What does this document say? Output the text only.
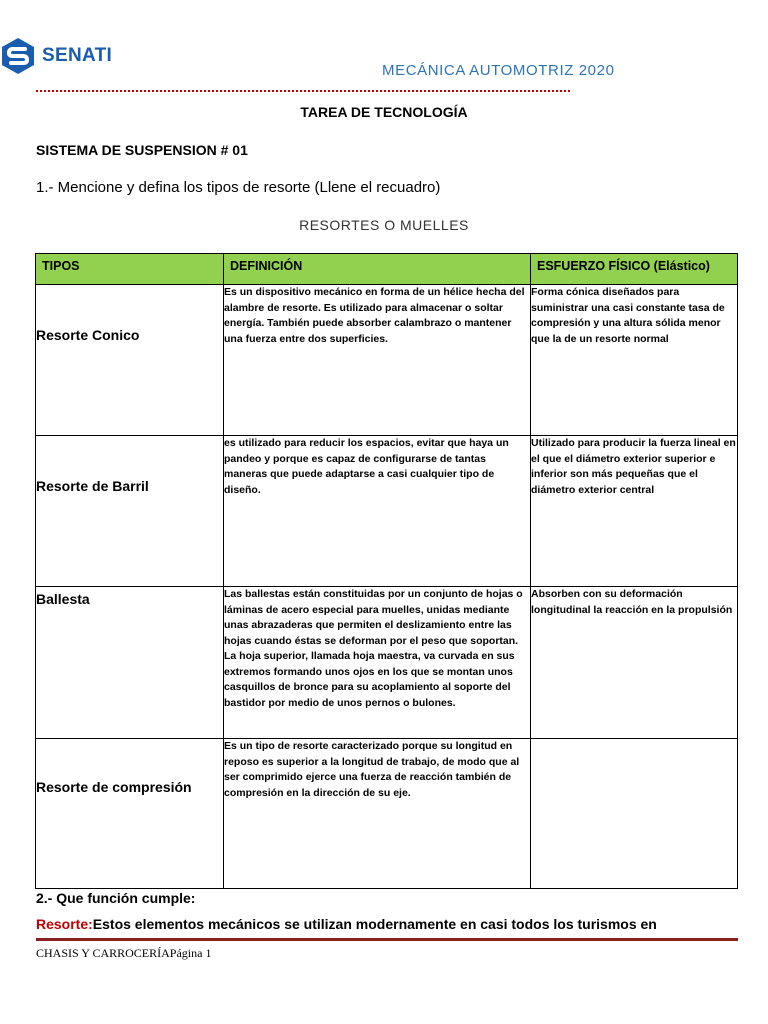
SENATI
MECÁNICA AUTOMOTRIZ 2020
TAREA DE TECNOLOGÍA
SISTEMA DE SUSPENSION # 01
1.- Mencione y defina los tipos de resorte (Llene el recuadro)
RESORTES O MUELLES
TIPOS	DEFINICIÓN	ESFUERZO FÍSICO (Elástico)

Resorte Conico	Es un dispositivo mecánico en forma de un hélice hecha del alambre de resorte. Es utilizado para almacenar o soltar energía. También puede absorber calambrazo o mantener una fuerza entre dos superficies.	Forma cónica diseñados para suministrar una casi constante tasa de compresión y una altura sólida menor que la de un resorte normal

Resorte de Barril	es utilizado para reducir los espacios, evitar que haya un pandeo y porque es capaz de configurarse de tantas maneras que puede adaptarse a casi cualquier tipo de diseño.	Utilizado para producir la fuerza lineal en el que el diámetro exterior superior e inferior son más pequeñas que el diámetro exterior central

Ballesta	Las ballestas están constituidas por un conjunto de hojas o láminas de acero especial para muelles, unidas mediante unas abrazaderas que permiten el deslizamiento entre las hojas cuando éstas se deforman por el peso que soportan. La hoja superior, llamada hoja maestra, va curvada en sus extremos formando unos ojos en los que se montan unos casquillos de bronce para su acoplamiento al soporte del bastidor por medio de unos pernos o bulones.	Absorben con su deformación longitudinal la reacción en la propulsión

Resorte de compresión	Es un tipo de resorte caracterizado porque su longitud en reposo es superior a la longitud de trabajo, de modo que al ser comprimido ejerce una fuerza de reacción también de compresión en la dirección de su eje.	
2.- Que función cumple:
Resorte:Estos elementos mecánicos se utilizan modernamente en casi todos los turismos en
CHASIS Y CARROCERÍAPágina 1
